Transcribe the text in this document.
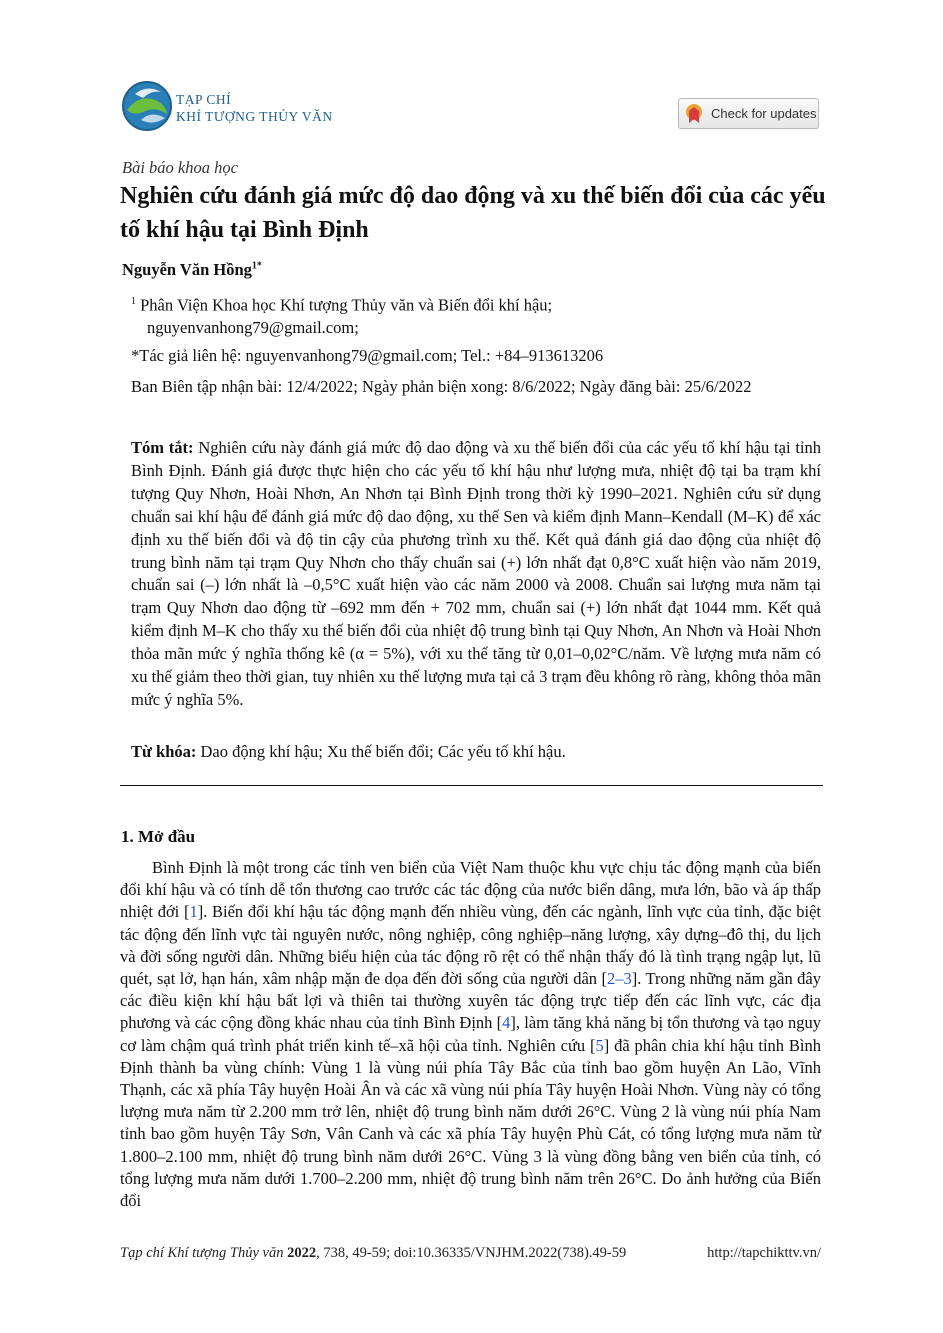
TẠP CHÍ
KHÍ TƯỢNG THỦY VĂN	Check for updates
Bài báo khoa học
Nghiên cứu đánh giá mức độ dao động và xu thế biến đổi của các yếu tố khí hậu tại Bình Định
Nguyễn Văn Hồng$^{1*}$
$^1$ Phân Viện Khoa học Khí tượng Thủy văn và Biến đổi khí hậu;
nguyenvanhong79@gmail.com;
*Tác giả liên hệ: nguyenvanhong79@gmail.com; Tel.: +84–913613206
Ban Biên tập nhận bài: 12/4/2022; Ngày phản biện xong: 8/6/2022; Ngày đăng bài: 25/6/2022
Tóm tắt: Nghiên cứu này đánh giá mức độ dao động và xu thế biến đổi của các yếu tố khí hậu tại tỉnh Bình Định. Đánh giá được thực hiện cho các yếu tố khí hậu như lượng mưa, nhiệt độ tại ba trạm khí tượng Quy Nhơn, Hoài Nhơn, An Nhơn tại Bình Định trong thời kỳ 1990–2021. Nghiên cứu sử dụng chuẩn sai khí hậu để đánh giá mức độ dao động, xu thế Sen và kiểm định Mann–Kendall (M–K) để xác định xu thế biến đổi và độ tin cậy của phương trình xu thế. Kết quả đánh giá dao động của nhiệt độ trung bình năm tại trạm Quy Nhơn cho thấy chuẩn sai (+) lớn nhất đạt 0,8°C xuất hiện vào năm 2019, chuẩn sai (–) lớn nhất là –0,5°C xuất hiện vào các năm 2000 và 2008. Chuẩn sai lượng mưa năm tại trạm Quy Nhơn dao động từ –692 mm đến + 702 mm, chuẩn sai (+) lớn nhất đạt 1044 mm. Kết quả kiểm định M–K cho thấy xu thế biến đổi của nhiệt độ trung bình tại Quy Nhơn, An Nhơn và Hoài Nhơn thỏa mãn mức ý nghĩa thống kê (α = 5%), với xu thế tăng từ 0,01–0,02°C/năm. Về lượng mưa năm có xu thế giảm theo thời gian, tuy nhiên xu thế lượng mưa tại cả 3 trạm đều không rõ ràng, không thỏa mãn mức ý nghĩa 5%.
Từ khóa: Dao động khí hậu; Xu thế biến đổi; Các yếu tố khí hậu.
1. Mở đầu
Bình Định là một trong các tỉnh ven biển của Việt Nam thuộc khu vực chịu tác động mạnh của biến đổi khí hậu và có tính dễ tổn thương cao trước các tác động của nước biển dâng, mưa lớn, bão và áp thấp nhiệt đới [1]. Biến đổi khí hậu tác động mạnh đến nhiều vùng, đến các ngành, lĩnh vực của tỉnh, đặc biệt tác động đến lĩnh vực tài nguyên nước, nông nghiệp, công nghiệp–năng lượng, xây dựng–đô thị, du lịch và đời sống người dân. Những biểu hiện của tác động rõ rệt có thể nhận thấy đó là tình trạng ngập lụt, lũ quét, sạt lở, hạn hán, xâm nhập mặn đe dọa đến đời sống của người dân [2–3]. Trong những năm gần đây các điều kiện khí hậu bất lợi và thiên tai thường xuyên tác động trực tiếp đến các lĩnh vực, các địa phương và các cộng đồng khác nhau của tỉnh Bình Định [4], làm tăng khả năng bị tổn thương và tạo nguy cơ làm chậm quá trình phát triển kinh tế–xã hội của tỉnh. Nghiên cứu [5] đã phân chia khí hậu tỉnh Bình Định thành ba vùng chính: Vùng 1 là vùng núi phía Tây Bắc của tỉnh bao gồm huyện An Lão, Vĩnh Thạnh, các xã phía Tây huyện Hoài Ân và các xã vùng núi phía Tây huyện Hoài Nhơn. Vùng này có tổng lượng mưa năm từ 2.200 mm trở lên, nhiệt độ trung bình năm dưới 26°C. Vùng 2 là vùng núi phía Nam tỉnh bao gồm huyện Tây Sơn, Vân Canh và các xã phía Tây huyện Phù Cát, có tổng lượng mưa năm từ 1.800–2.100 mm, nhiệt độ trung bình năm dưới 26°C. Vùng 3 là vùng đồng bằng ven biển của tỉnh, có tổng lượng mưa năm dưới 1.700–2.200 mm, nhiệt độ trung bình năm trên 26°C. Do ảnh hưởng của Biến đổi
Tạp chí Khí tượng Thủy văn 2022, 738, 49-59; doi:10.36335/VNJHM.2022(738).49-59	http://tapchikttv.vn/
